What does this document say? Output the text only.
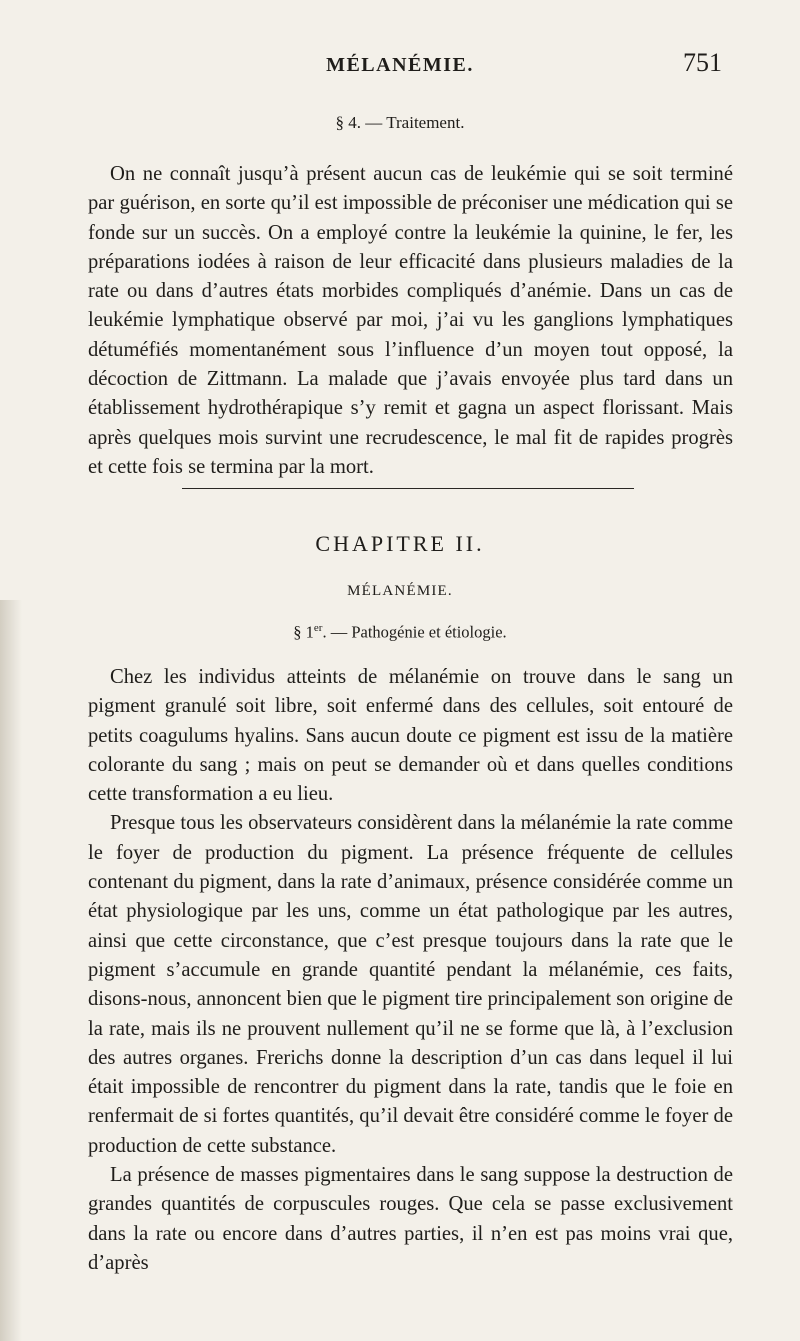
MÉLANÉMIE.	751
§ 4. — Traitement.

On ne connaît jusqu’à présent aucun cas de leukémie qui se soit terminé par guérison, en sorte qu’il est impossible de préconiser une médication qui se fonde sur un succès. On a employé contre la leukémie la quinine, le fer, les préparations iodées à raison de leur efficacité dans plusieurs maladies de la rate ou dans d’autres états morbides compliqués d’anémie. Dans un cas de leukémie lymphatique observé par moi, j’ai vu les ganglions lymphatiques détuméfiés momentanément sous l’influence d’un moyen tout opposé, la décoction de Zittmann. La malade que j’avais envoyée plus tard dans un établissement hydrothérapique s’y remit et gagna un aspect florissant. Mais après quelques mois survint une recrudescence, le mal fit de rapides progrès et cette fois se termina par la mort.

CHAPITRE II.
MÉLANÉMIE.
§ 1er. — Pathogénie et étiologie.

Chez les individus atteints de mélanémie on trouve dans le sang un pigment granulé soit libre, soit enfermé dans des cellules, soit entouré de petits coagulums hyalins. Sans aucun doute ce pigment est issu de la matière colorante du sang ; mais on peut se demander où et dans quelles conditions cette transformation a eu lieu.

Presque tous les observateurs considèrent dans la mélanémie la rate comme le foyer de production du pigment. La présence fréquente de cellules contenant du pigment, dans la rate d’animaux, présence considérée comme un état physiologique par les uns, comme un état pathologique par les autres, ainsi que cette circonstance, que c’est presque toujours dans la rate que le pigment s’accumule en grande quantité pendant la mélanémie, ces faits, disons-nous, annoncent bien que le pigment tire principalement son origine de la rate, mais ils ne prouvent nullement qu’il ne se forme que là, à l’exclusion des autres organes. Frerichs donne la description d’un cas dans lequel il lui était impossible de rencontrer du pigment dans la rate, tandis que le foie en renfermait de si fortes quantités, qu’il devait être considéré comme le foyer de production de cette substance.

La présence de masses pigmentaires dans le sang suppose la destruction de grandes quantités de corpuscules rouges. Que cela se passe exclusivement dans la rate ou encore dans d’autres parties, il n’en est pas moins vrai que, d’après
